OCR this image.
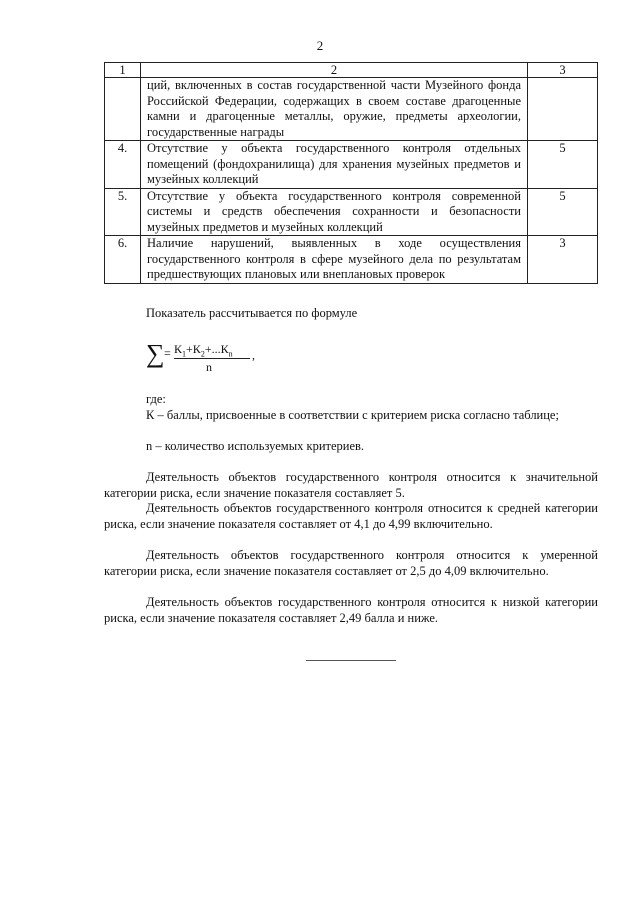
2
1	2	3
	ций, включенных в состав государственной части Музейного фонда Российской Федерации, содержащих в своем составе драгоценные камни и драгоценные металлы, оружие, предметы археологии, государственные награды	
4.	Отсутствие у объекта государственного контроля отдельных помещений (фондохранилища) для хранения музейных предметов и музейных коллекций	5
5.	Отсутствие у объекта государственного контроля современной системы и средств обеспечения сохранности и безопасности музейных предметов и музейных коллекций	5
6.	Наличие нарушений, выявленных в ходе осуществления государственного контроля в сфере музейного дела по результатам предшествующих плановых или внеплановых проверок	3
Показатель рассчитывается по формуле
∑ = $К_1+К_2+...К_n$
n
,
где:
К – баллы, присвоенные в соответствии с критерием риска согласно таблице;
n – количество используемых критериев.
Деятельность объектов государственного контроля относится к значительной категории риска, если значение показателя составляет 5.
Деятельность объектов государственного контроля относится к средней категории риска, если значение показателя составляет от 4,1 до 4,99 включительно.
Деятельность объектов государственного контроля относится к умеренной категории риска, если значение показателя составляет от 2,5 до 4,09 включительно.
Деятельность объектов государственного контроля относится к низкой категории риска, если значение показателя составляет 2,49 балла и ниже.
